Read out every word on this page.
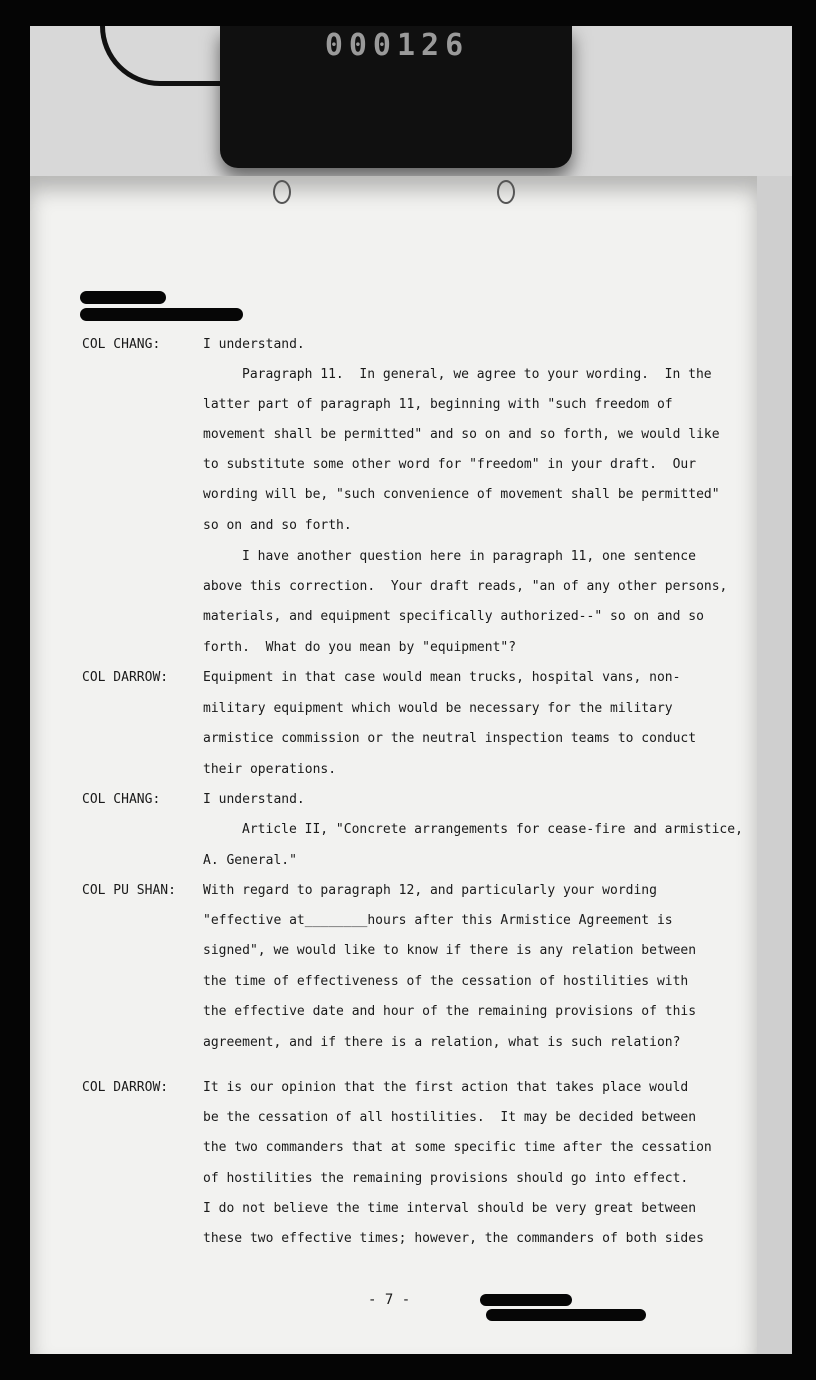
000126
COL CHANG:	I understand.
Paragraph 11.  In general, we agree to your wording.  In the
latter part of paragraph 11, beginning with "such freedom of
movement shall be permitted" and so on and so forth, we would like
to substitute some other word for "freedom" in your draft.  Our
wording will be, "such convenience of movement shall be permitted"
so on and so forth.
I have another question here in paragraph 11, one sentence
above this correction.  Your draft reads, "an of any other persons,
materials, and equipment specifically authorized--" so on and so
forth.  What do you mean by "equipment"?
COL DARROW:	Equipment in that case would mean trucks, hospital vans, non-
military equipment which would be necessary for the military
armistice commission or the neutral inspection teams to conduct
their operations.
COL CHANG:	I understand.
Article II, "Concrete arrangements for cease-fire and armistice,
A. General."
COL PU SHAN: With regard to paragraph 12, and particularly your wording
"effective at________hours after this Armistice Agreement is
signed", we would like to know if there is any relation between
the time of effectiveness of the cessation of hostilities with
the effective date and hour of the remaining provisions of this
agreement, and if there is a relation, what is such relation?
COL DARROW:	It is our opinion that the first action that takes place would
be the cessation of all hostilities.  It may be decided between
the two commanders that at some specific time after the cessation
of hostilities the remaining provisions should go into effect.
I do not believe the time interval should be very great between
these two effective times; however, the commanders of both sides
- 7 -
